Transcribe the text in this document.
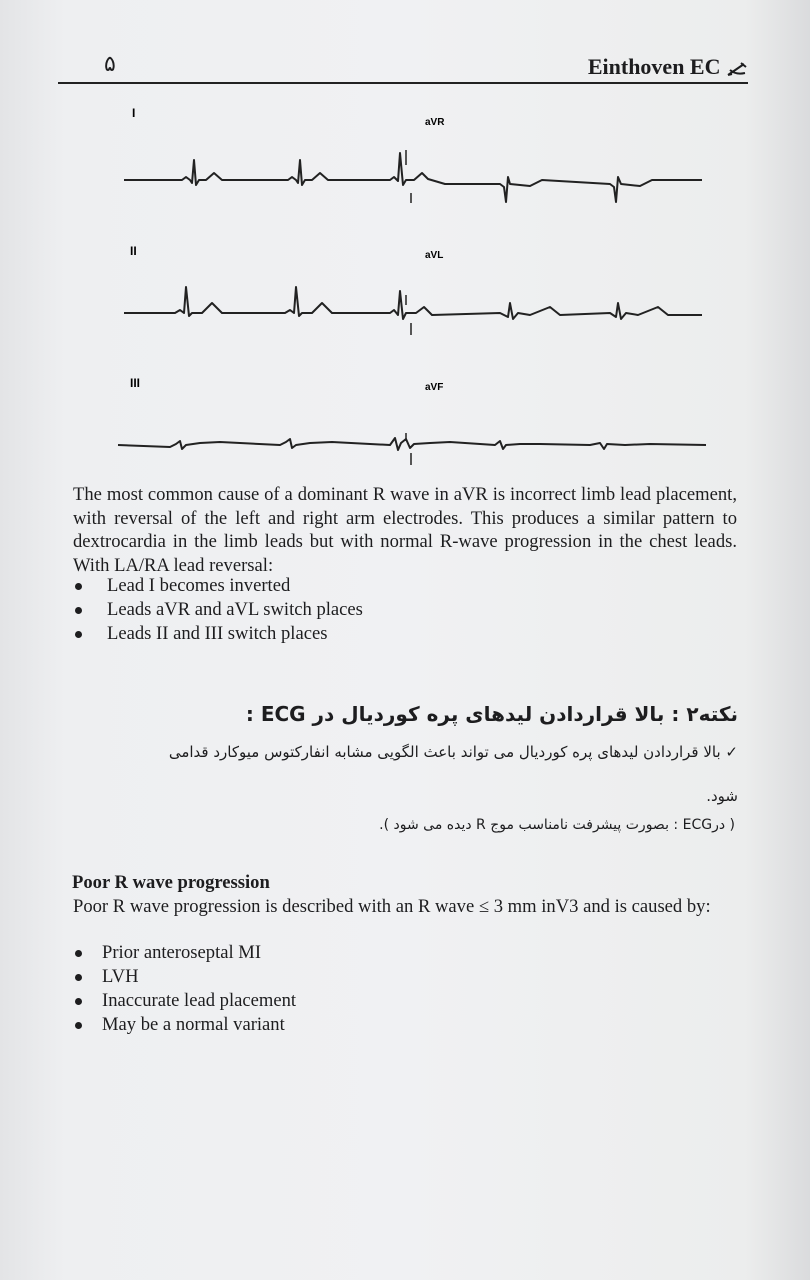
۵	Einthoven EC
I
aVR
II	aVL
III	aVF
The most common cause of a dominant R wave in aVR is incorrect limb lead placement, with reversal of the left and right arm electrodes. This produces a similar pattern to dextrocardia in the limb leads but with normal R-wave progression in the chest leads. With LA/RA lead reversal:
Lead I becomes inverted
Leads aVR and aVL switch places
Leads II and III switch places
نکته۲ : بالا قراردادن لیدهای پره کوردیال در ECG :
✓ بالا قراردادن لیدهای پره کوردیال می تواند باعث الگویی مشابه انفارکتوس میوکارد قدامی
شود.
( درECG : بصورت پیشرفت نامناسب موج R دیده می شود ).
Poor R wave progression
Poor R wave progression is described with an R wave ≤ 3 mm inV3 and is caused by:
Prior anteroseptal MI
LVH
Inaccurate lead placement
May be a normal variant
